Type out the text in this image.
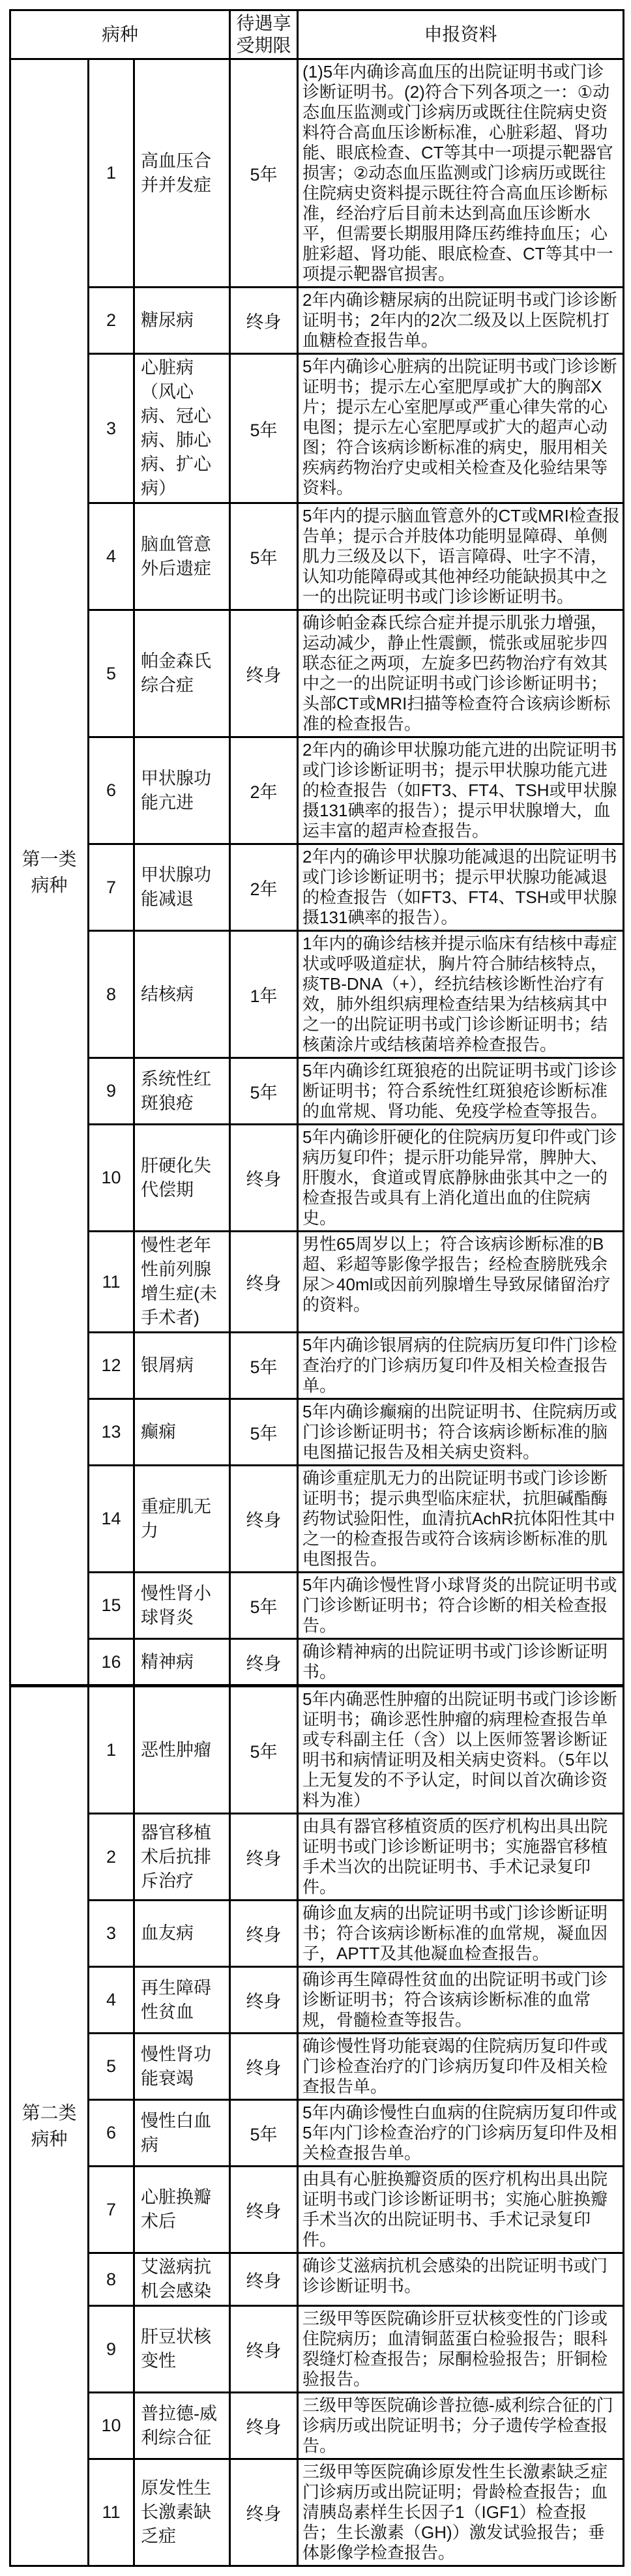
病种			待遇享受期限	申报资料

第一类病种	1	高血压合并并发症	5年	(1)5年内确诊高血压的出院证明书或门诊诊断证明书。(2)符合下列各项之一：①动态血压监测或门诊病历或既往住院病史资料符合高血压诊断标准，心脏彩超、肾功能、眼底检查、CT等其中一项提示靶器官损害；②动态血压监测或门诊病历或既往住院病史资料提示既往符合高血压诊断标准，经治疗后目前未达到高血压诊断水平，但需要长期服用降压药维持血压；心脏彩超、肾功能、眼底检查、CT等其中一项提示靶器官损害。
	2	糖尿病	终身	2年内确诊糖尿病的出院证明书或门诊诊断证明书；2年内的2次二级及以上医院机打血糖检查报告单。
	3	心脏病（风心病、冠心病、肺心病、扩心病）	5年	5年内确诊心脏病的出院证明书或门诊诊断证明书；提示左心室肥厚或扩大的胸部X片；提示左心室肥厚或严重心律失常的心电图；提示左心室肥厚或扩大的超声心动图；符合该病诊断标准的病史，服用相关疾病药物治疗史或相关检查及化验结果等资料。
	4	脑血管意外后遗症	5年	5年内的提示脑血管意外的CT或MRI检查报告单；提示合并肢体功能明显障碍、单侧肌力三级及以下，语言障碍、吐字不清，认知功能障碍或其他神经功能缺损其中之一的出院证明书或门诊诊断证明书。
	5	帕金森氏综合症	终身	确诊帕金森氏综合症并提示肌张力增强，运动减少，静止性震颤，慌张或屈驼步四联态征之两项，左旋多巴药物治疗有效其中之一的出院证明书或门诊诊断证明书；头部CT或MRI扫描等检查符合该病诊断标准的检查报告。
	6	甲状腺功能亢进	2年	2年内的确诊甲状腺功能亢进的出院证明书或门诊诊断证明书；提示甲状腺功能亢进的检查报告（如FT3、FT4、TSH或甲状腺摄131碘率的报告）；提示甲状腺增大，血运丰富的超声检查报告。
	7	甲状腺功能减退	2年	2年内的确诊甲状腺功能减退的出院证明书或门诊诊断证明书；提示甲状腺功能减退的检查报告（如FT3、FT4、TSH或甲状腺摄131碘率的报告）。
	8	结核病	1年	1年内的确诊结核并提示临床有结核中毒症状或呼吸道症状，胸片符合肺结核特点，痰TB-DNA（+），经抗结核诊断性治疗有效，肺外组织病理检查结果为结核病其中之一的出院证明书或门诊诊断证明书；结核菌涂片或结核菌培养检查报告。
	9	系统性红斑狼疮	5年	5年内确诊红斑狼疮的出院证明书或门诊诊断证明书；符合系统性红斑狼疮诊断标准的血常规、肾功能、免疫学检查等报告。
	10	肝硬化失代偿期	终身	5年内确诊肝硬化的住院病历复印件或门诊病历复印件；提示肝功能异常，脾肿大、肝腹水，食道或胃底静脉曲张其中之一的检查报告或具有上消化道出血的住院病史。
	11	慢性老年性前列腺增生症(未手术者)	终身	男性65周岁以上；符合该病诊断标准的B超、彩超等影像学报告；经检查膀胱残余尿＞40ml或因前列腺增生导致尿储留治疗的资料。
	12	银屑病	5年	5年内确诊银屑病的住院病历复印件门诊检查治疗的门诊病历复印件及相关检查报告单。
	13	癫痫	5年	5年内确诊癫痫的出院证明书、住院病历或门诊诊断证明书；符合该病诊断标准的脑电图描记报告及相关病史资料。
	14	重症肌无力	终身	确诊重症肌无力的出院证明书或门诊诊断证明书；提示典型临床症状，抗胆碱酯酶药物试验阳性，血清抗AchR抗体阳性其中之一的检查报告或符合该病诊断标准的肌电图报告。
	15	慢性肾小球肾炎	5年	5年内确诊慢性肾小球肾炎的出院证明书或门诊诊断证明书；符合诊断的相关检查报告。
	16	精神病	终身	确诊精神病的出院证明书或门诊诊断证明书。

第二类病种	1	恶性肿瘤	5年	5年内确恶性肿瘤的出院证明书或门诊诊断证明书；确诊恶性肿瘤的病理检查报告单或专科副主任（含）以上医师签署诊断证明书和病情证明及相关病史资料。（5年以上无复发的不予认定，时间以首次确诊资料为准）
	2	器官移植术后抗排斥治疗	终身	由具有器官移植资质的医疗机构出具出院证明书或门诊诊断证明书；实施器官移植手术当次的出院证明书、手术记录复印件。
	3	血友病	终身	确诊血友病的出院证明书或门诊诊断证明书；符合该病诊断标准的血常规，凝血因子，APTT及其他凝血检查报告。
	4	再生障碍性贫血	终身	确诊再生障碍性贫血的出院证明书或门诊诊断证明书；符合该病诊断标准的血常规，骨髓检查等报告。
	5	慢性肾功能衰竭	终身	确诊慢性肾功能衰竭的住院病历复印件或门诊检查治疗的门诊病历复印件及相关检查报告单。
	6	慢性白血病	5年	5年内确诊慢性白血病的住院病历复印件或5年内门诊检查治疗的门诊病历复印件及相关检查报告单。
	7	心脏换瓣术后	终身	由具有心脏换瓣资质的医疗机构出具出院证明书或门诊诊断证明书；实施心脏换瓣手术当次的出院证明书、手术记录复印件。
	8	艾滋病抗机会感染	终身	确诊艾滋病抗机会感染的出院证明书或门诊诊断证明书。
	9	肝豆状核变性	终身	三级甲等医院确诊肝豆状核变性的门诊或住院病历；血清铜蓝蛋白检验报告；眼科裂缝灯检查报告；尿酮检验报告；肝铜检验报告。
	10	普拉德-威利综合征	终身	三级甲等医院确诊普拉德-威利综合征的门诊病历或出院证明书；分子遗传学检查报告。
	11	原发性生长激素缺乏症	终身	三级甲等医院确诊原发性生长激素缺乏症门诊病历或出院证明；骨龄检查报告；血清胰岛素样生长因子1（IGF1）检查报告；生长激素（GH)）激发试验报告；垂体影像学检查报告。
